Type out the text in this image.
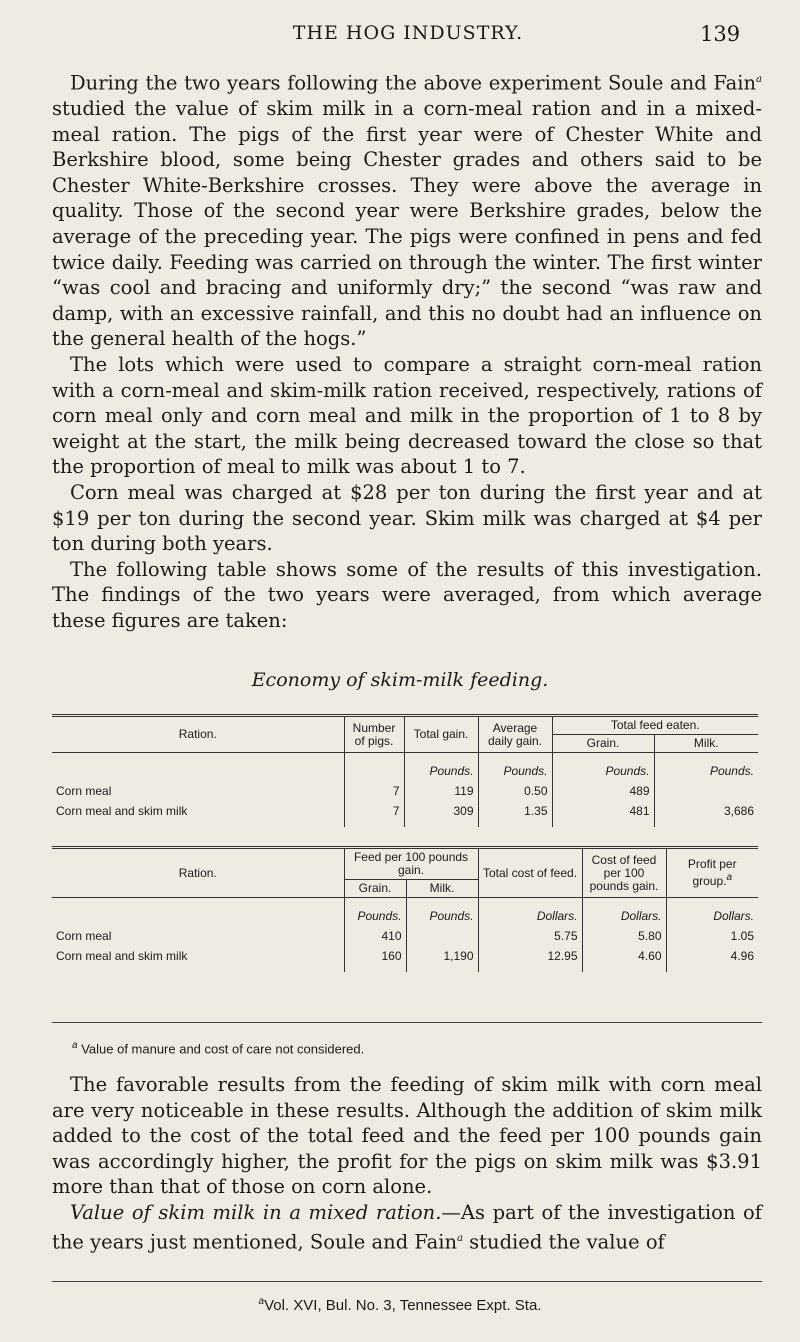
THE HOG INDUSTRY.	139

During the two years following the above experiment Soule and Fain$^a$ studied the value of skim milk in a corn-meal ration and in a mixed-meal ration. The pigs of the first year were of Chester White and Berkshire blood, some being Chester grades and others said to be Chester White-Berkshire crosses. They were above the average in quality. Those of the second year were Berkshire grades, below the average of the preceding year. The pigs were confined in pens and fed twice daily. Feeding was carried on through the winter. The first winter “was cool and bracing and uniformly dry;” the second “was raw and damp, with an excessive rainfall, and this no doubt had an influence on the general health of the hogs.”

The lots which were used to compare a straight corn-meal ration with a corn-meal and skim-milk ration received, respectively, rations of corn meal only and corn meal and milk in the proportion of 1 to 8 by weight at the start, the milk being decreased toward the close so that the proportion of meal to milk was about 1 to 7.

Corn meal was charged at $28 per ton during the first year and at $19 per ton during the second year. Skim milk was charged at $4 per ton during both years.

The following table shows some of the results of this investigation. The findings of the two years were averaged, from which average these figures are taken:

Economy of skim-milk feeding.
Ration.	Number of pigs.	Total gain.	Average daily gain.	Total feed eaten.	
				Grain.	Milk.
		Pounds.	Pounds.	Pounds.	Pounds.
Corn meal	7	119	0.50	489	
Corn meal and skim milk	7	309	1.35	481	3,686
Ration.	Feed per 100 pounds gain.		Total cost of feed.	Cost of feed per 100 pounds gain.	Profit per group.$^a$
	Grain.	Milk.			
	Pounds.	Pounds.	Dollars.	Dollars.	Dollars.
Corn meal	410		5.75	5.80	1.05
Corn meal and skim milk	160	1,190	12.95	4.60	4.96
$^a$ Value of manure and cost of care not considered.

The favorable results from the feeding of skim milk with corn meal are very noticeable in these results. Although the addition of skim milk added to the cost of the total feed and the feed per 100 pounds gain was accordingly higher, the profit for the pigs on skim milk was $3.91 more than that of those on corn alone.

Value of skim milk in a mixed ration.—As part of the investigation of the years just mentioned, Soule and Fain$^a$ studied the value of

$^a$Vol. XVI, Bul. No. 3, Tennessee Expt. Sta.
